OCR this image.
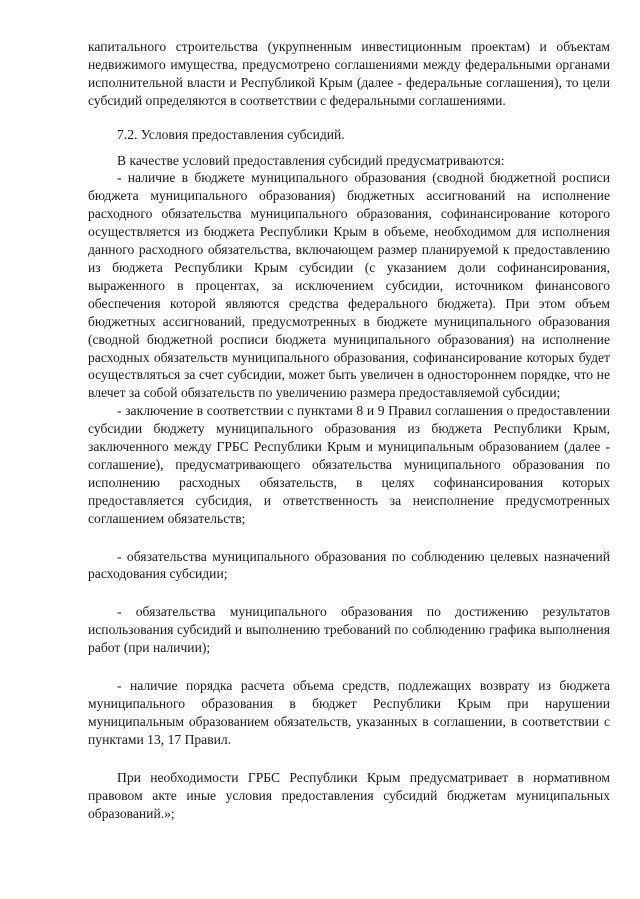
капитального строительства (укрупненным инвестиционным проектам) и объектам недвижимого имущества, предусмотрено соглашениями между федеральными органами исполнительной власти и Республикой Крым (далее - федеральные соглашения), то цели субсидий определяются в соответствии с федеральными соглашениями.

7.2. Условия предоставления субсидий.

В качестве условий предоставления субсидий предусматриваются:

- наличие в бюджете муниципального образования (сводной бюджетной росписи бюджета муниципального образования) бюджетных ассигнований на исполнение расходного обязательства муниципального образования, софинансирование которого осуществляется из бюджета Республики Крым в объеме, необходимом для исполнения данного расходного обязательства, включающем размер планируемой к предоставлению из бюджета Республики Крым субсидии (с указанием доли софинансирования, выраженного в процентах, за исключением субсидии, источником финансового обеспечения которой являются средства федерального бюджета). При этом объем бюджетных ассигнований, предусмотренных в бюджете муниципального образования (сводной бюджетной росписи бюджета муниципального образования) на исполнение расходных обязательств муниципального образования, софинансирование которых будет осуществляться за счет субсидии, может быть увеличен в одностороннем порядке, что не влечет за собой обязательств по увеличению размера предоставляемой субсидии;

- заключение в соответствии с пунктами 8 и 9 Правил соглашения о предоставлении субсидии бюджету муниципального образования из бюджета Республики Крым, заключенного между ГРБС Республики Крым и муниципальным образованием (далее - соглашение), предусматривающего обязательства муниципального образования по исполнению расходных обязательств, в целях софинансирования которых предоставляется субсидия, и ответственность за неисполнение предусмотренных соглашением обязательств;

- обязательства муниципального образования по соблюдению целевых назначений расходования субсидии;

- обязательства муниципального образования по достижению результатов использования субсидий и выполнению требований по соблюдению графика выполнения работ (при наличии);

- наличие порядка расчета объема средств, подлежащих возврату из бюджета муниципального образования в бюджет Республики Крым при нарушении муниципальным образованием обязательств, указанных в соглашении, в соответствии с пунктами 13, 17 Правил.

При необходимости ГРБС Республики Крым предусматривает в нормативном правовом акте иные условия предоставления субсидий бюджетам муниципальных образований.»;
